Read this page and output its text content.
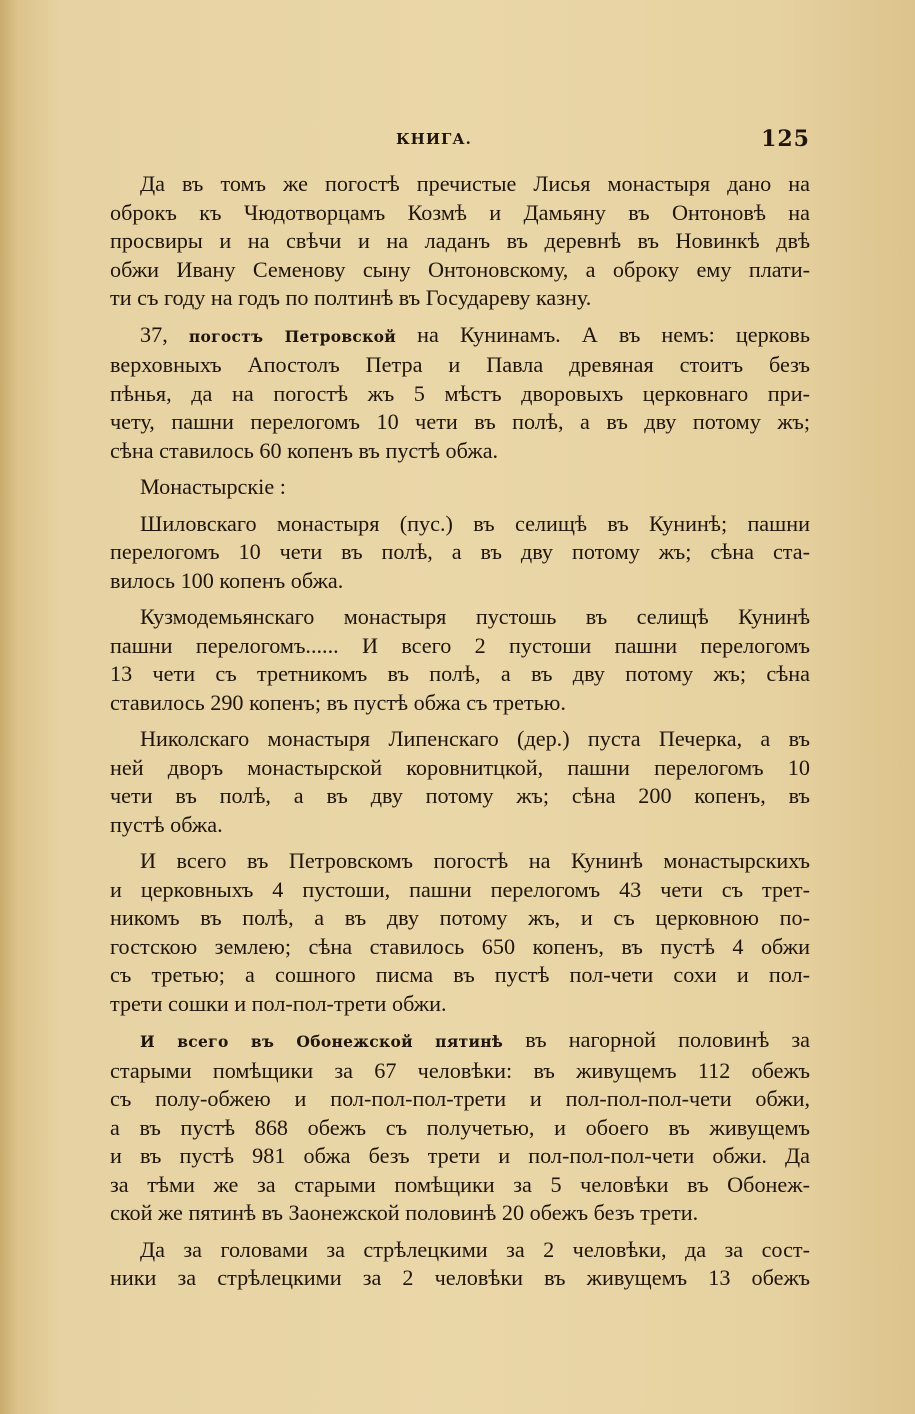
КНИГА.	125
Да въ томъ же погостѣ пречистые Лисья монастыря дано на
оброкъ къ Чюдотворцамъ Козмѣ и Дамьяну въ Онтоновѣ на
просвиры и на свѣчи и на ладанъ въ деревнѣ въ Новинкѣ двѣ
обжи Ивану Семенову сыну Онтоновскому, а оброку ему плати-
ти съ году на годъ по полтинѣ въ Государеву казну.
37, погостъ Петровской на Кунинамъ. А въ немъ: церковь
верховныхъ Апостолъ Петра и Павла древяная стоитъ безъ
пѣнья, да на погостѣ жъ 5 мѣстъ дворовыхъ церковнаго при-
чету, пашни перелогомъ 10 чети въ полѣ, а въ дву потому жъ;
сѣна ставилось 60 копенъ въ пустѣ обжа.
Монастырскіе :
Шиловскаго монастыря (пус.) въ селищѣ въ Кунинѣ; пашни
перелогомъ 10 чети въ полѣ, а въ дву потому жъ; сѣна ста-
вилось 100 копенъ обжа.
Кузмодемьянскаго монастыря пустошь въ селищѣ Кунинѣ
пашни перелогомъ...... И всего 2 пустоши пашни перелогомъ
13 чети съ третникомъ въ полѣ, а въ дву потому жъ; сѣна
ставилось 290 копенъ; въ пустѣ обжа съ третью.
Николскаго монастыря Липенскаго (дер.) пуста Печерка, а въ
ней дворъ монастырской коровнитцкой, пашни перелогомъ 10
чети въ полѣ, а въ дву потому жъ; сѣна 200 копенъ, въ
пустѣ обжа.
И всего въ Петровскомъ погостѣ на Кунинѣ монастырскихъ
и церковныхъ 4 пустоши, пашни перелогомъ 43 чети съ трет-
никомъ въ полѣ, а въ дву потому жъ, и съ церковною по-
гостскою землею; сѣна ставилось 650 копенъ, въ пустѣ 4 обжи
съ третью; а сошного писма въ пустѣ пол-чети сохи и пол-
трети сошки и пол-пол-трети обжи.
И всего въ Обонежской пятинѣ въ нагорной половинѣ за
старыми помѣщики за 67 человѣки: въ живущемъ 112 обежъ
съ полу-обжею и пол-пол-пол-трети и пол-пол-пол-чети обжи,
а въ пустѣ 868 обежъ съ получетью, и обоего въ живущемъ
и въ пустѣ 981 обжа безъ трети и пол-пол-пол-чети обжи. Да
за тѣми же за старыми помѣщики за 5 человѣки въ Обонеж-
ской же пятинѣ въ Заонежской половинѣ 20 обежъ безъ трети.
Да за головами за стрѣлецкими за 2 человѣки, да за сост-
ники за стрѣлецкими за 2 человѣки въ живущемъ 13 обежъ
